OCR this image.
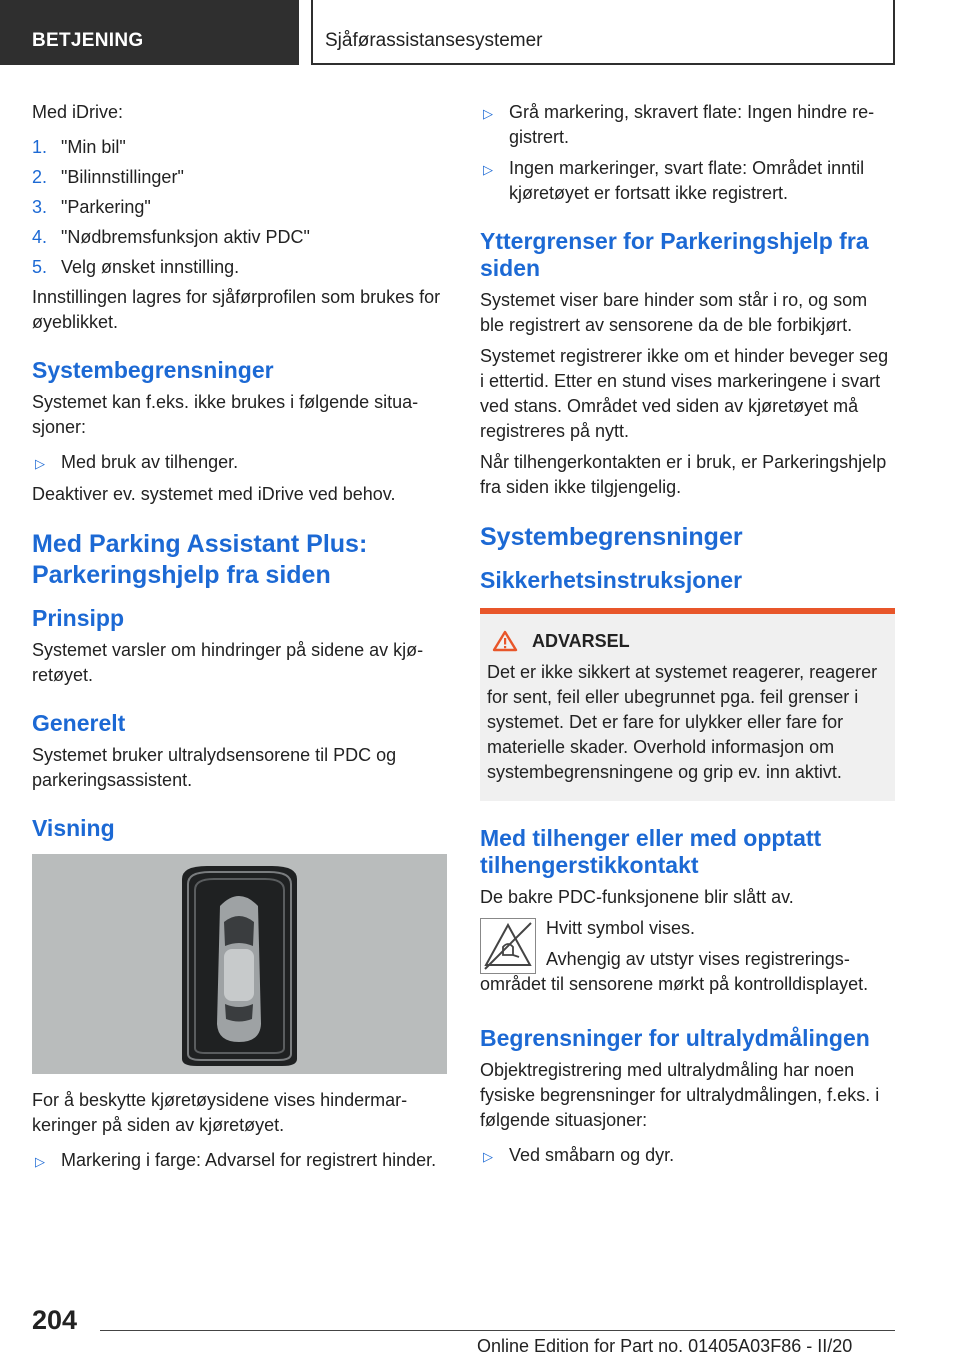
BETJENING	Sjåførassistansesystemer

Med iDrive:

1. "Min bil"
2. "Bilinnstillinger"
3. "Parkering"
4. "Nødbremsfunksjon aktiv PDC"
5. Velg ønsket innstilling.

Innstillingen lagres for sjåførprofilen som brukes for øyeblikket.

Systembegrensninger

Systemet kan f.eks. ikke brukes i følgende situasjoner:

▷ Med bruk av tilhenger.

Deaktiver ev. systemet med iDrive ved behov.

Med Parking Assistant Plus: Parkeringshjelp fra siden
Prinsipp

Systemet varsler om hindringer på sidene av kjøretøyet.

Generelt

Systemet bruker ultralydsensorene til PDC og parkeringsassistent.

Visning

For å beskytte kjøretøysidene vises hindermarkeringer på siden av kjøretøyet.

▷ Markering i farge: Advarsel for registrert hinder.
▷ Grå markering, skravert flate: Ingen hindre registrert.
▷ Ingen markeringer, svart flate: Området inntil kjøretøyet er fortsatt ikke registrert.
Yttergrenser for Parkeringshjelp fra siden

Systemet viser bare hinder som står i ro, og som ble registrert av sensorene da de ble forbikjørt.

Systemet registrerer ikke om et hinder beveger seg i ettertid. Etter en stund vises markeringene i svart ved stans. Området ved siden av kjøretøyet må registreres på nytt.

Når tilhengerkontakten er i bruk, er Parkeringshjelp fra siden ikke tilgjengelig.

Systembegrensninger
Sikkerhetsinstruksjoner
ADVARSEL

Det er ikke sikkert at systemet reagerer, reagerer for sent, feil eller ubegrunnet pga. feil grenser i systemet. Det er fare for ulykker eller fare for materielle skader. Overhold informasjon om systembegrensningene og grip ev. inn aktivt.

Med tilhenger eller med opptatt tilhengerstikkontakt

De bakre PDC-funksjonene blir slått av.

Hvitt symbol vises.

Avhengig av utstyr vises registreringsområdet til sensorene mørkt på kontrolldisplayet.

Begrensninger for ultralydmålingen

Objektregistrering med ultralydmåling har noen fysiske begrensninger for ultralydmålingen, f.eks. i følgende situasjoner:

▷ Ved småbarn og dyr.
204
Online Edition for Part no. 01405A03F86 - II/20
